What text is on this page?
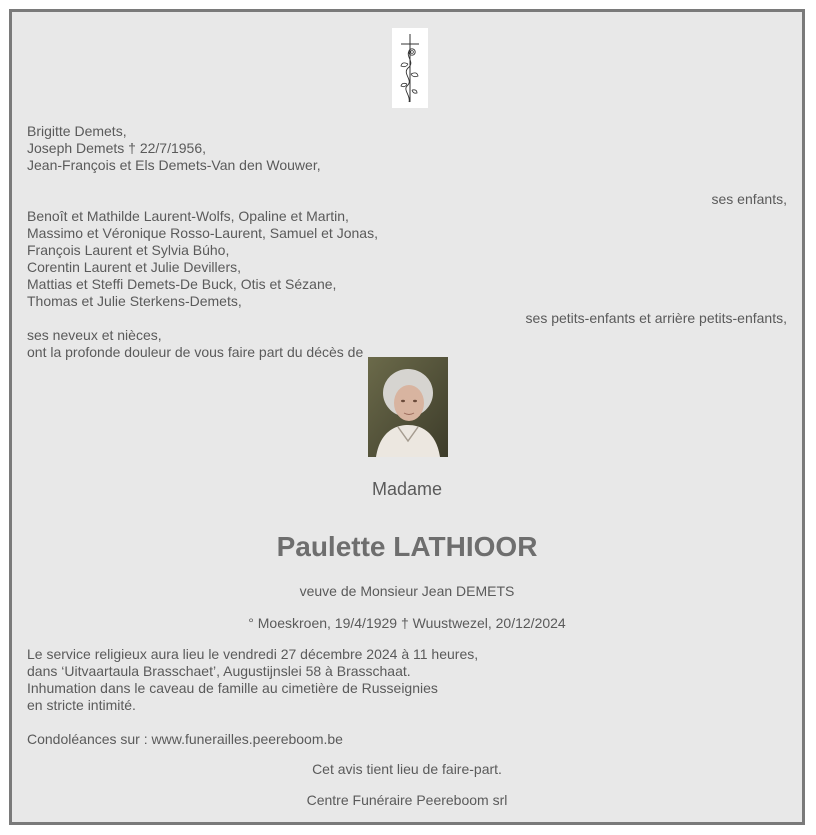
Brigitte Demets,
Joseph Demets † 22/7/1956,
Jean-François et Els Demets-Van den Wouwer,
ses enfants,
Benoît et Mathilde Laurent-Wolfs, Opaline et Martin,
Massimo et Véronique Rosso-Laurent, Samuel et Jonas,
François Laurent et Sylvia Búho,
Corentin Laurent et Julie Devillers,
Mattias et Steffi Demets-De Buck, Otis et Sézane,
Thomas et Julie Sterkens-Demets,
ses petits-enfants et arrière petits-enfants,
ses neveux et nièces,
ont la profonde douleur de vous faire part du décès de
Madame
Paulette LATHIOOR
veuve de Monsieur Jean DEMETS
° Moeskroen, 19/4/1929 † Wuustwezel, 20/12/2024
Le service religieux aura lieu le vendredi 27 décembre 2024 à 11 heures,
dans ‘Uitvaartaula Brasschaet’, Augustijnslei 58 à Brasschaat.
Inhumation dans le caveau de famille au cimetière de Russeignies
en stricte intimité.
Condoléances sur : www.funerailles.peereboom.be
Cet avis tient lieu de faire-part.
Centre Funéraire Peereboom srl
